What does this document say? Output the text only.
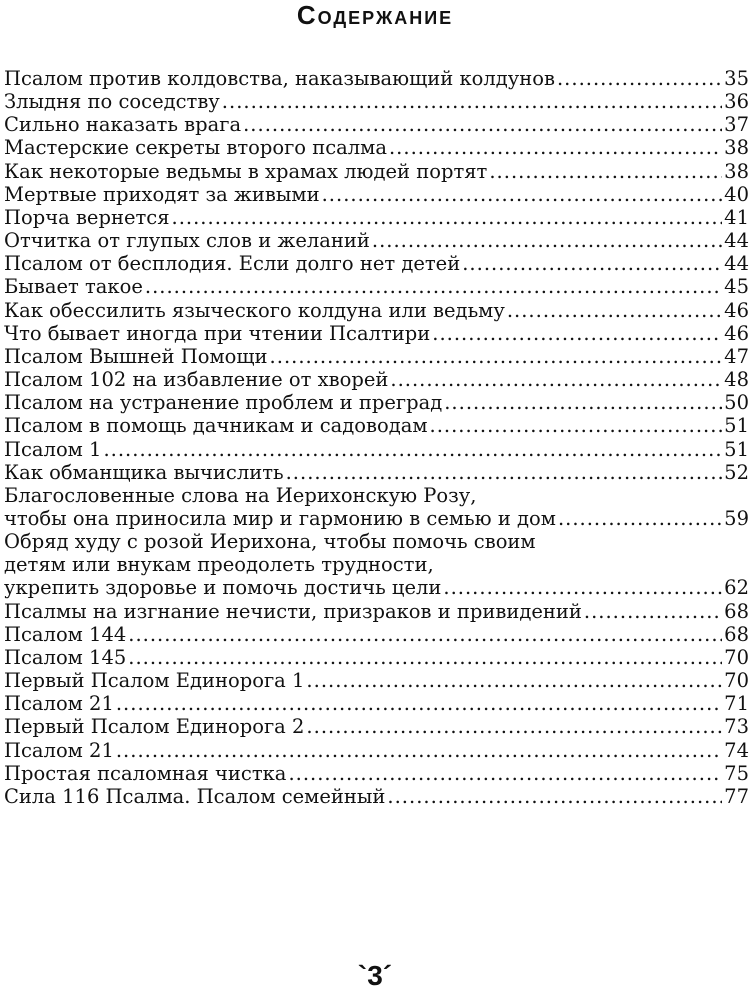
Содержание
Псалом против колдовства, наказывающий колдунов .....	35
Злыдня по соседству .....	36
Сильно наказать врага .....	37
Мастерские секреты второго псалма .....	38
Как некоторые ведьмы в храмах людей портят .....	38
Мертвые приходят за живыми .....	40
Порча вернется .....	41
Отчитка от глупых слов и желаний .....	44
Псалом от бесплодия. Если долго нет детей .....	44
Бывает такое .....	45
Как обессилить языческого колдуна или ведьму .....	46
Что бывает иногда при чтении Псалтири .....	46
Псалом Вышней Помощи .....	47
Псалом 102 на избавление от хворей .....	48
Псалом на устранение проблем и преград .....	50
Псалом в помощь дачникам и садоводам .....	51
Псалом 1 .....	51
Как обманщика вычислить .....	52
Благословенные слова на Иерихонскую Розу,
чтобы она приносила мир и гармонию в семью и дом .....	59
Обряд худу с розой Иерихона, чтобы помочь своим
детям или внукам преодолеть трудности,
укрепить здоровье и помочь достичь цели .....	62
Псалмы на изгнание нечисти, призраков и привидений .....	68
Псалом 144 .....	68
Псалом 145 .....	70
Первый Псалом Единорога 1 .....	70
Псалом 21 .....	71
Первый Псалом Единорога 2 .....	73
Псалом 21 .....	74
Простая псаломная чистка .....	75
Сила 116 Псалма. Псалом семейный .....	77
`3´
